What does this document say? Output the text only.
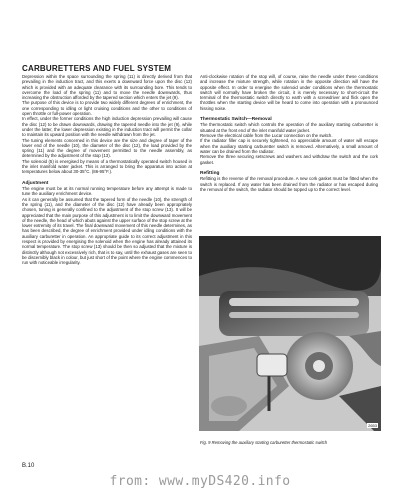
CARBURETTERS AND FUEL SYSTEM

Depression within the space surrounding the spring (11) is directly derived from that prevailing in the induction tract, and this exerts a downward force upon the disc (12) which is provided with an adequate clearance with its surrounding bore. This tends to overcome the load of the spring (11) and to move the needle downwards, thus increasing the obstruction afforded by the tapered section which enters the jet (9).

The purpose of this device is to provide two widely different degrees of enrichment, the one corresponding to idling or light cruising conditions and the other to conditions of open throttle or full-power operation.

In effect, under the former conditions the high induction depression prevailing will cause the disc (12) to be drawn downwards, drawing the tapered needle into the jet (9), while under the latter, the lower depression existing in the induction tract will permit the collar to maintain its upward position with the needle withdrawn from the jet.

The tuning elements concerned in this device are the size and degree of taper of the lower end of the needle (10), the diameter of the disc (12), the load provided by the spring (11) and the degree of movement permitted to the needle assembly, as determined by the adjustment of the stop (13).

The solenoid (5) is energised by means of a thermostatically operated switch housed in the inlet manifold water jacket. This is arranged to bring the apparatus into action at temperatures below about 30-35°C. (86-95°F.).

Adjustment

The engine must be at its normal running temperature before any attempt is made to tune the auxiliary enrichment device.

As it can generally be assumed that the tapered form of the needle (10), the strength of the spring (11), and the diameter of the disc (12) have already been appropriately chosen, tuning is generally confined to the adjustment of the stop screw (13). It will be appreciated that the main purpose of this adjustment is to limit the downward movement of the needle, the head of which abuts against the upper surface of the stop screw at the lower extremity of its travel. The final downward movement of this needle determines, as has been described, the degree of enrichment provided under idling conditions with the auxiliary carburetter in operation. An appropriate guide to its correct adjustment in this respect is provided by energising the solenoid when the engine has already attained its normal temperature. The stop screw (13) should be then so adjusted that the mixture is distinctly although not excessively rich, that is to say, until the exhaust gases are seen to be discernibly black in colour, but just short of the point where the engine commences to run with noticeable irregularity.

Anti-clockwise rotation of the stop will, of course, raise the needle under these conditions and increase the mixture strength, while rotation in the opposite direction will have the opposite effect. In order to energise the solenoid under conditions when the thermostatic switch will normally have broken the circuit, it is merely necessary to short-circuit the terminal of the thermostatic switch directly to earth with a screwdriver and flick open the throttles when the starting device will be heard to come into operation with a pronounced hissing noise.

Thermostatic Switch—Removal

The thermostatic switch which controls the operation of the auxiliary starting carburetter is situated at the front end of the inlet manifold water jacket.

Remove the electrical cable from the Lucar connection on the switch.

If the radiator filler cap is securely tightened, no appreciable amount of water will escape when the auxiliary starting carburetter switch is removed. Alternatively, a small amount of water can be drained from the radiator.

Remove the three securing setscrews and washers and withdraw the switch and the cork gasket.

Refitting

Refitting is the reverse of the removal procedure. A new cork gasket must be fitted when the switch is replaced. If any water has been drained from the radiator or has escaped during the removal of the switch, the radiator should be topped up to the correct level.

2653
Fig. 9 Removing the auxiliary starting carburetter thermostatic switch
B.10
from: www.myDS420.info
